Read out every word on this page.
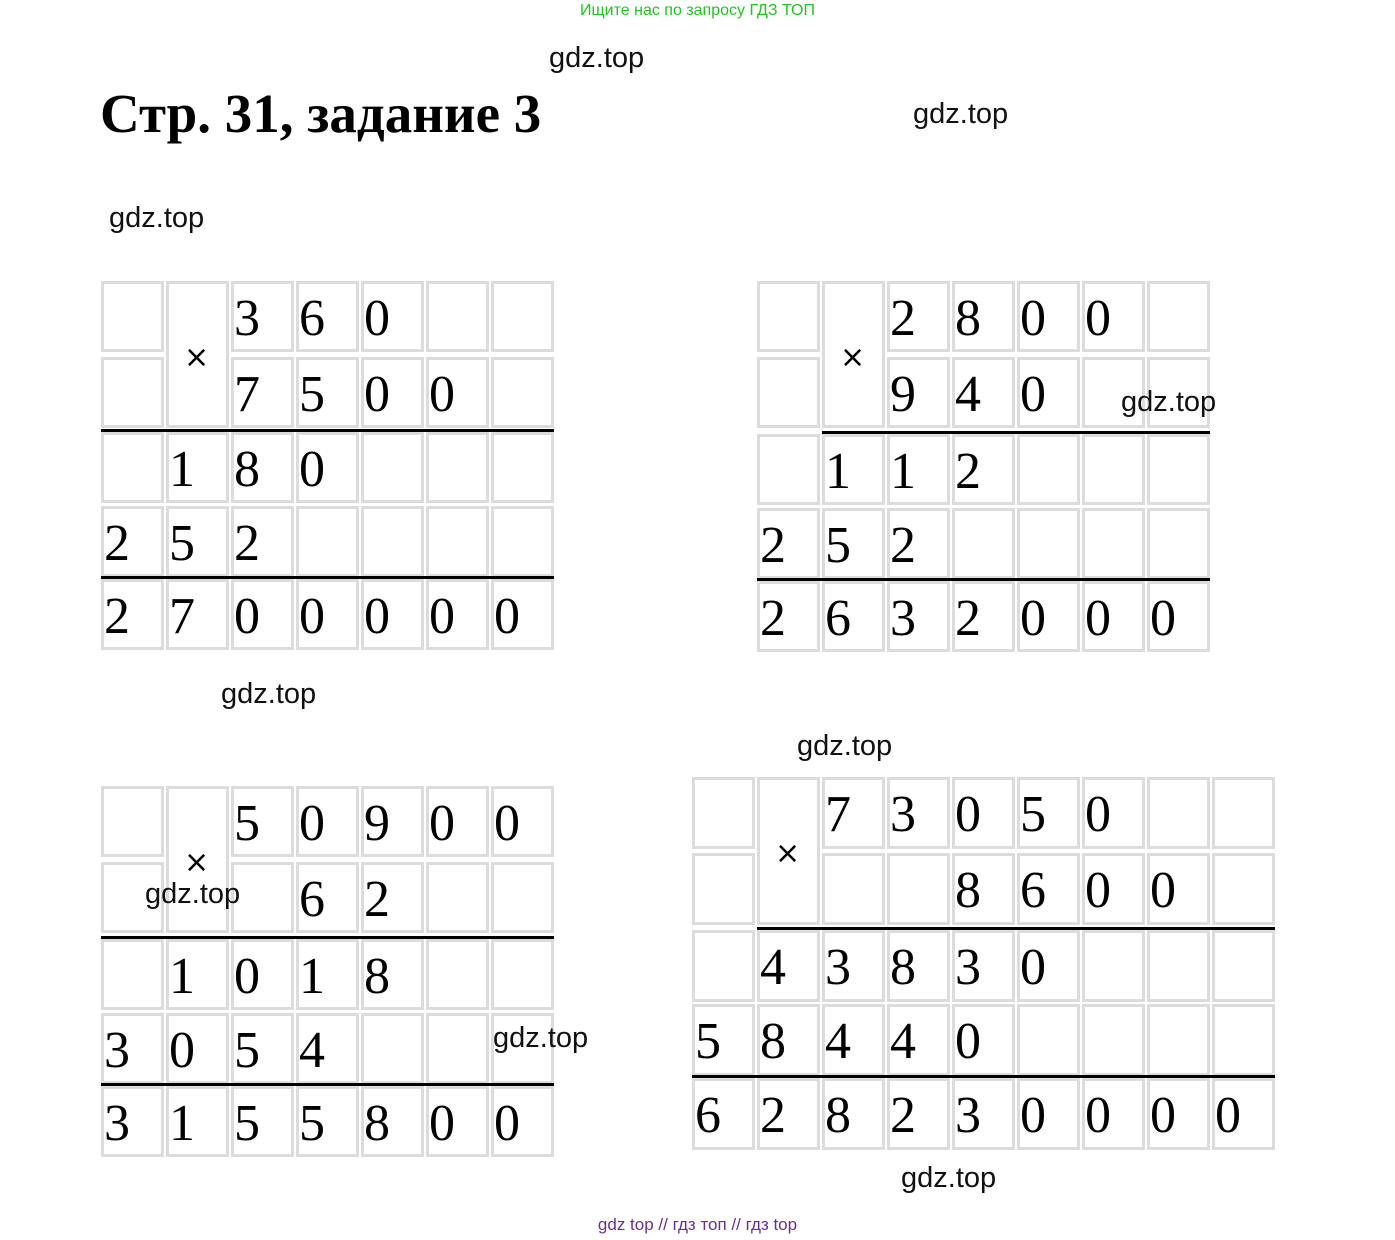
Ищите нас по запросу ГДЗ ТОП
Стр. 31, задание 3
3 6 0
7 5 0 0
1 8 0
2 5 2
2 7 0 0 0 0 0
×
2 8 0 0
9 4 0
1 1 2
2 5 2
2 6 3 2 0 0 0
×
5 0 9 0 0
6 2
1 0 1 8
3 0 5 4
3 1 5 5 8 0 0
×
7 3 0 5 0
8 6 0 0
4 3 8 3 0
5 8 4 4 0
6 2 8 2 3 0 0 0 0
×
gdz.top
gdz.top
gdz.top
gdz.top
gdz.top
gdz.top
gdz.top
gdz.top
gdz.top
gdz top // гдз топ // гдз top
